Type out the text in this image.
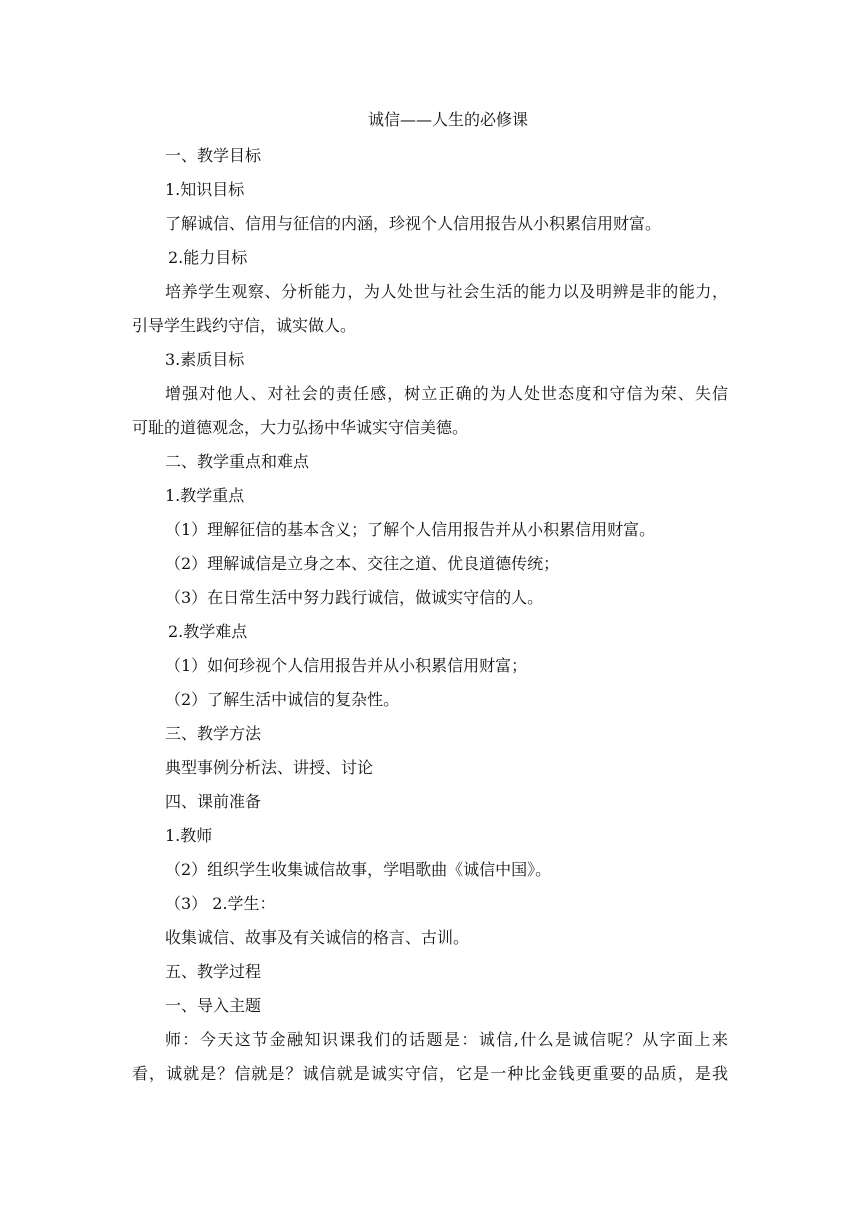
诚信——人生的必修课
一、教学目标
1.知识目标
了解诚信、信用与征信的内涵，珍视个人信用报告从小积累信用财富。
2.能力目标
培养学生观察、分析能力，为人处世与社会生活的能力以及明辨是非的能力，
引导学生践约守信，诚实做人。
3.素质目标
增强对他人、对社会的责任感，树立正确的为人处世态度和守信为荣、失信
可耻的道德观念，大力弘扬中华诚实守信美德。
二、教学重点和难点
1.教学重点
（1）理解征信的基本含义；了解个人信用报告并从小积累信用财富。
（2）理解诚信是立身之本、交往之道、优良道德传统；
（3）在日常生活中努力践行诚信，做诚实守信的人。
2.教学难点
（1）如何珍视个人信用报告并从小积累信用财富；
（2）了解生活中诚信的复杂性。
三、教学方法
典型事例分析法、讲授、讨论
四、课前准备
1.教师
（2）组织学生收集诚信故事，学唱歌曲《诚信中国》。
（3） 2.学生：
收集诚信、故事及有关诚信的格言、古训。
五、教学过程
一、导入主题
师：今天这节金融知识课我们的话题是：诚信,什么是诚信呢？从字面上来
看，诚就是？信就是？诚信就是诚实守信，它是一种比金钱更重要的品质，是我
